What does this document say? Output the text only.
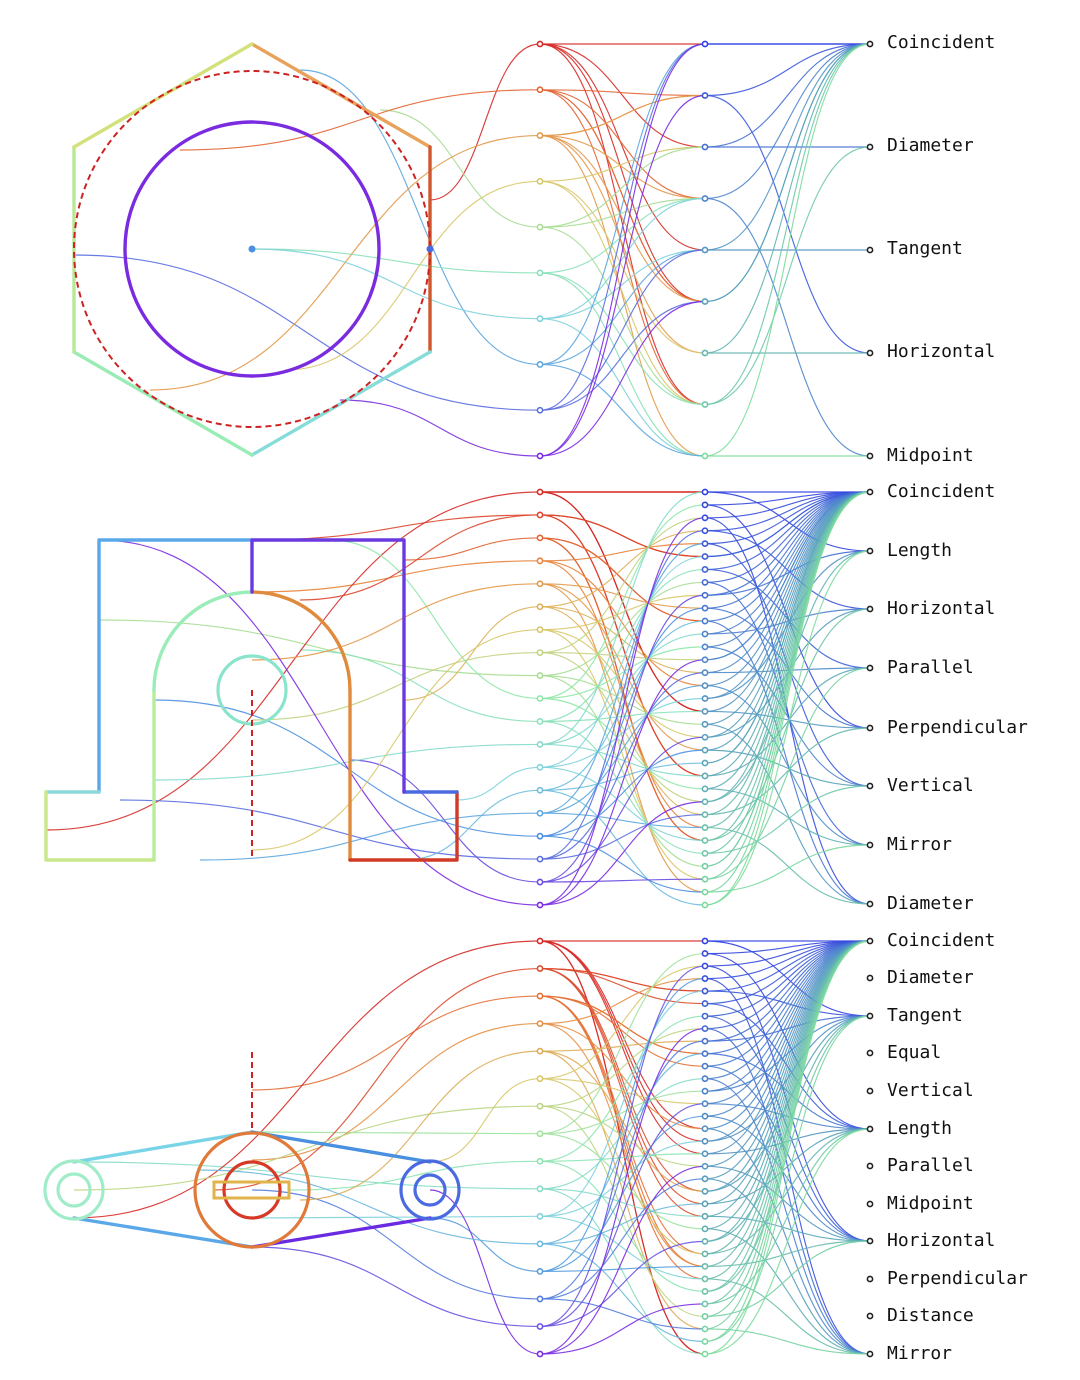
Coincident
Diameter
Tangent
Horizontal
Midpoint
Coincident
Length
Horizontal
Parallel
Perpendicular
Vertical
Mirror
Diameter
Coincident
Diameter
Tangent
Equal
Vertical
Length
Parallel
Midpoint
Horizontal
Perpendicular
Distance
Mirror
